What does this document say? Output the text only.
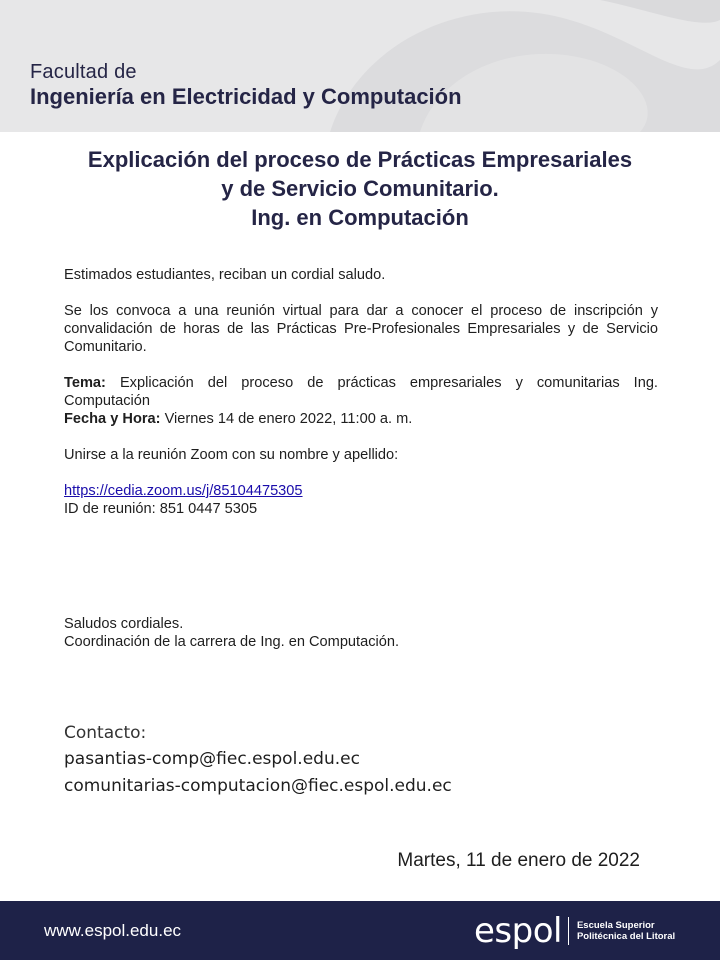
Facultad de
Ingeniería en Electricidad y Computación
Explicación del proceso de Prácticas Empresariales
y de Servicio Comunitario.
Ing. en Computación

Estimados estudiantes, reciban un cordial saludo.

Se los convoca a una reunión virtual para dar a conocer el proceso de inscripción y convalidación de horas de las Prácticas Pre-Profesionales Empresariales y de Servicio Comunitario.

Tema: Explicación del proceso de prácticas empresariales y comunitarias Ing. Computación

Fecha y Hora: Viernes 14 de enero 2022, 11:00 a. m.

Unirse a la reunión Zoom con su nombre y apellido:

https://cedia.zoom.us/j/85104475305

ID de reunión: 851 0447 5305

Saludos cordiales.

Coordinación de la carrera de Ing. en Computación.

Contacto:
pasantias-comp@fiec.espol.edu.ec
comunitarias-computacion@fiec.espol.edu.ec
Martes, 11 de enero de 2022
www.espol.edu.ec	espol Escuela Superior
Politécnica del Litoral
